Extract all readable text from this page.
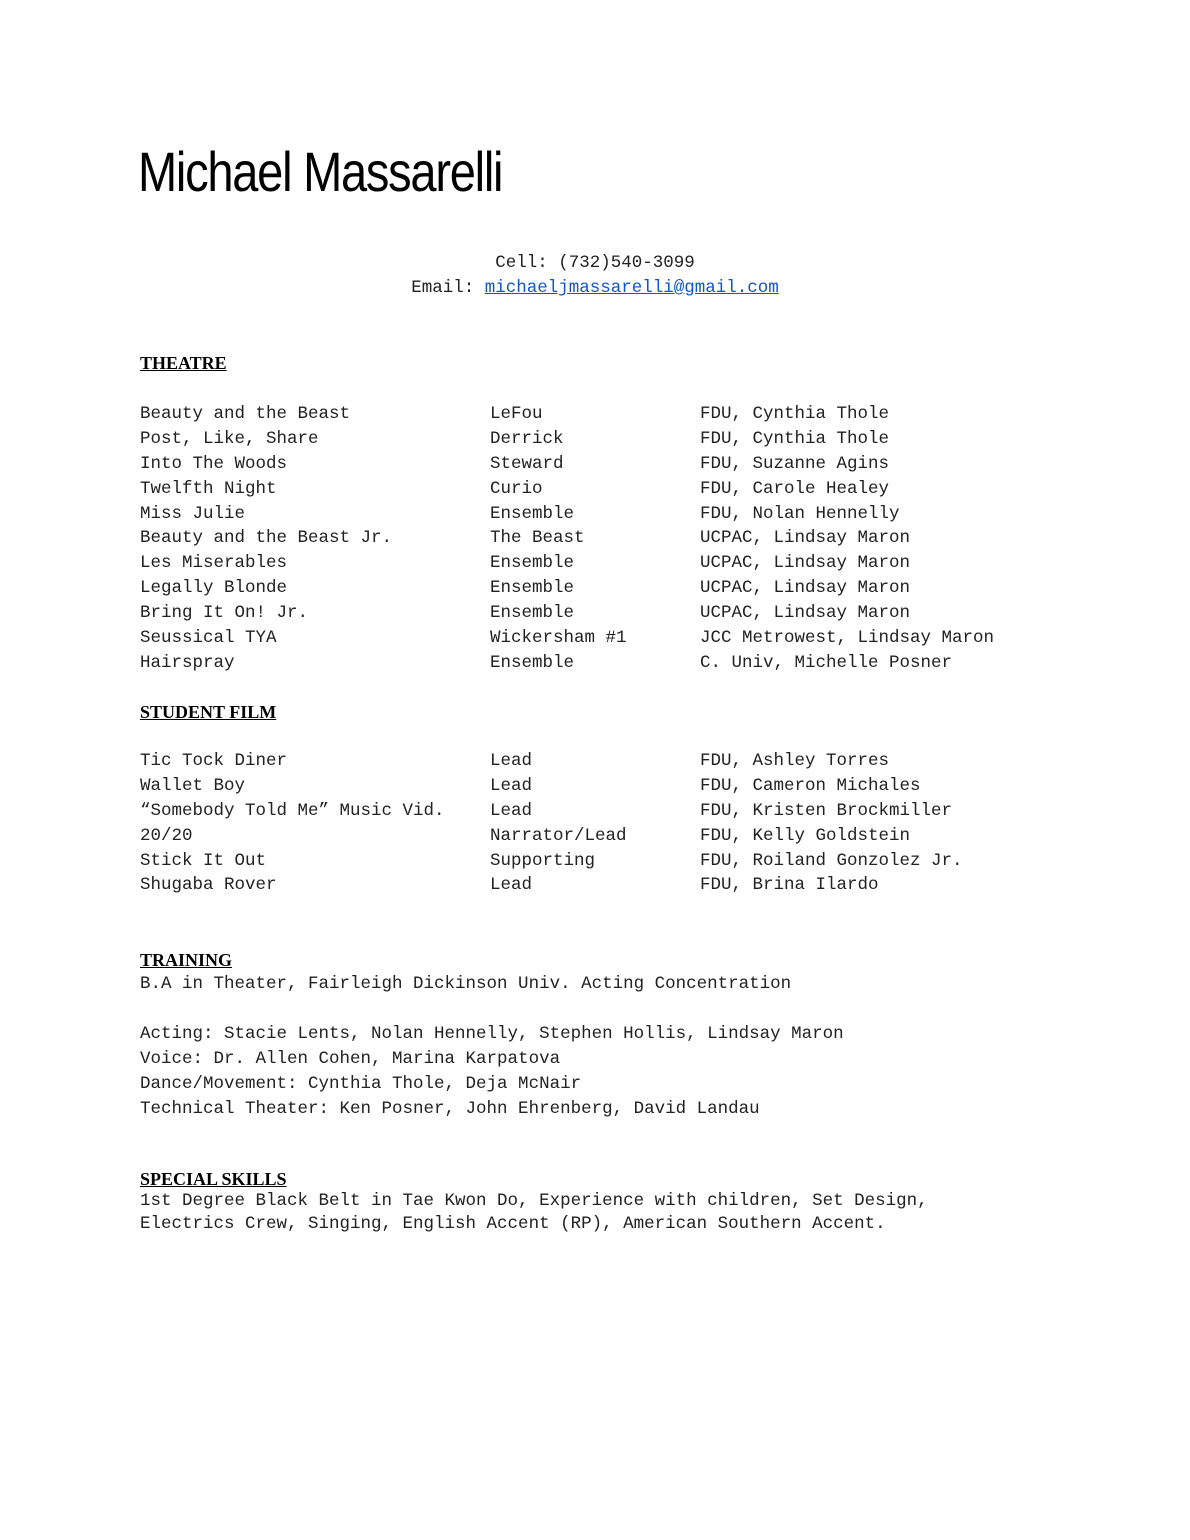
Michael Massarelli
Cell: (732)540-3099
Email: michaeljmassarelli@gmail.com
THEATRE
Beauty and the Beast	LeFou	FDU, Cynthia Thole
Post, Like, Share	Derrick	FDU, Cynthia Thole
Into The Woods	Steward	FDU, Suzanne Agins
Twelfth Night	Curio	FDU, Carole Healey
Miss Julie	Ensemble	FDU, Nolan Hennelly
Beauty and the Beast Jr.	The Beast	UCPAC, Lindsay Maron
Les Miserables	Ensemble	UCPAC, Lindsay Maron
Legally Blonde	Ensemble	UCPAC, Lindsay Maron
Bring It On! Jr.	Ensemble	UCPAC, Lindsay Maron
Seussical TYA	Wickersham #1	JCC Metrowest, Lindsay Maron
Hairspray	Ensemble	C. Univ, Michelle Posner
STUDENT FILM
Tic Tock Diner	Lead	FDU, Ashley Torres
Wallet Boy	Lead	FDU, Cameron Michales
“Somebody Told Me” Music Vid.	Lead	FDU, Kristen Brockmiller
20/20	Narrator/Lead	FDU, Kelly Goldstein
Stick It Out	Supporting	FDU, Roiland Gonzolez Jr.
Shugaba Rover	Lead	FDU, Brina Ilardo
TRAINING
B.A in Theater, Fairleigh Dickinson Univ. Acting Concentration
Acting: Stacie Lents, Nolan Hennelly, Stephen Hollis, Lindsay Maron
Voice: Dr. Allen Cohen, Marina Karpatova
Dance/Movement: Cynthia Thole, Deja McNair
Technical Theater: Ken Posner, John Ehrenberg, David Landau
SPECIAL SKILLS
1st Degree Black Belt in Tae Kwon Do, Experience with children, Set Design,
Electrics Crew, Singing, English Accent (RP), American Southern Accent.
